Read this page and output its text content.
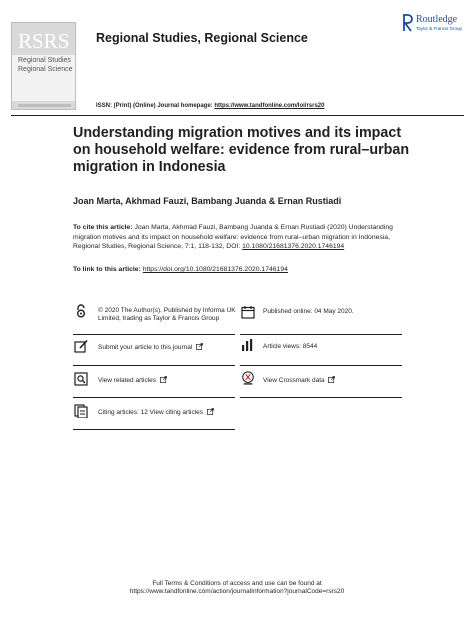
RSRS
Regional Studies
Regional Science
Regional Studies, Regional Science
Routledge
Taylor & Francis Group
ISSN: (Print) (Online) Journal homepage: https://www.tandfonline.com/loi/rsrs20
Understanding migration motives and its impact on household welfare: evidence from rural–urban migration in Indonesia
Joan Marta, Akhmad Fauzi, Bambang Juanda & Ernan Rustiadi
To cite this article: Joan Marta, Akhmad Fauzi, Bambang Juanda & Ernan Rustiadi (2020) Understanding migration motives and its impact on household welfare: evidence from rural–urban migration in Indonesia, Regional Studies, Regional Science, 7:1, 118-132, DOI: 10.1080/21681376.2020.1746194
To link to this article: https://doi.org/10.1080/21681376.2020.1746194
© 2020 The Author(s). Published by Informa UK Limited, trading as Taylor & Francis Group
Published online: 04 May 2020.
Submit your article to this journal	Article views: 8544
View related articles	View Crossmark data
Citing articles: 12 View citing articles
Full Terms & Conditions of access and use can be found at
https://www.tandfonline.com/action/journalInformation?journalCode=rsrs20
